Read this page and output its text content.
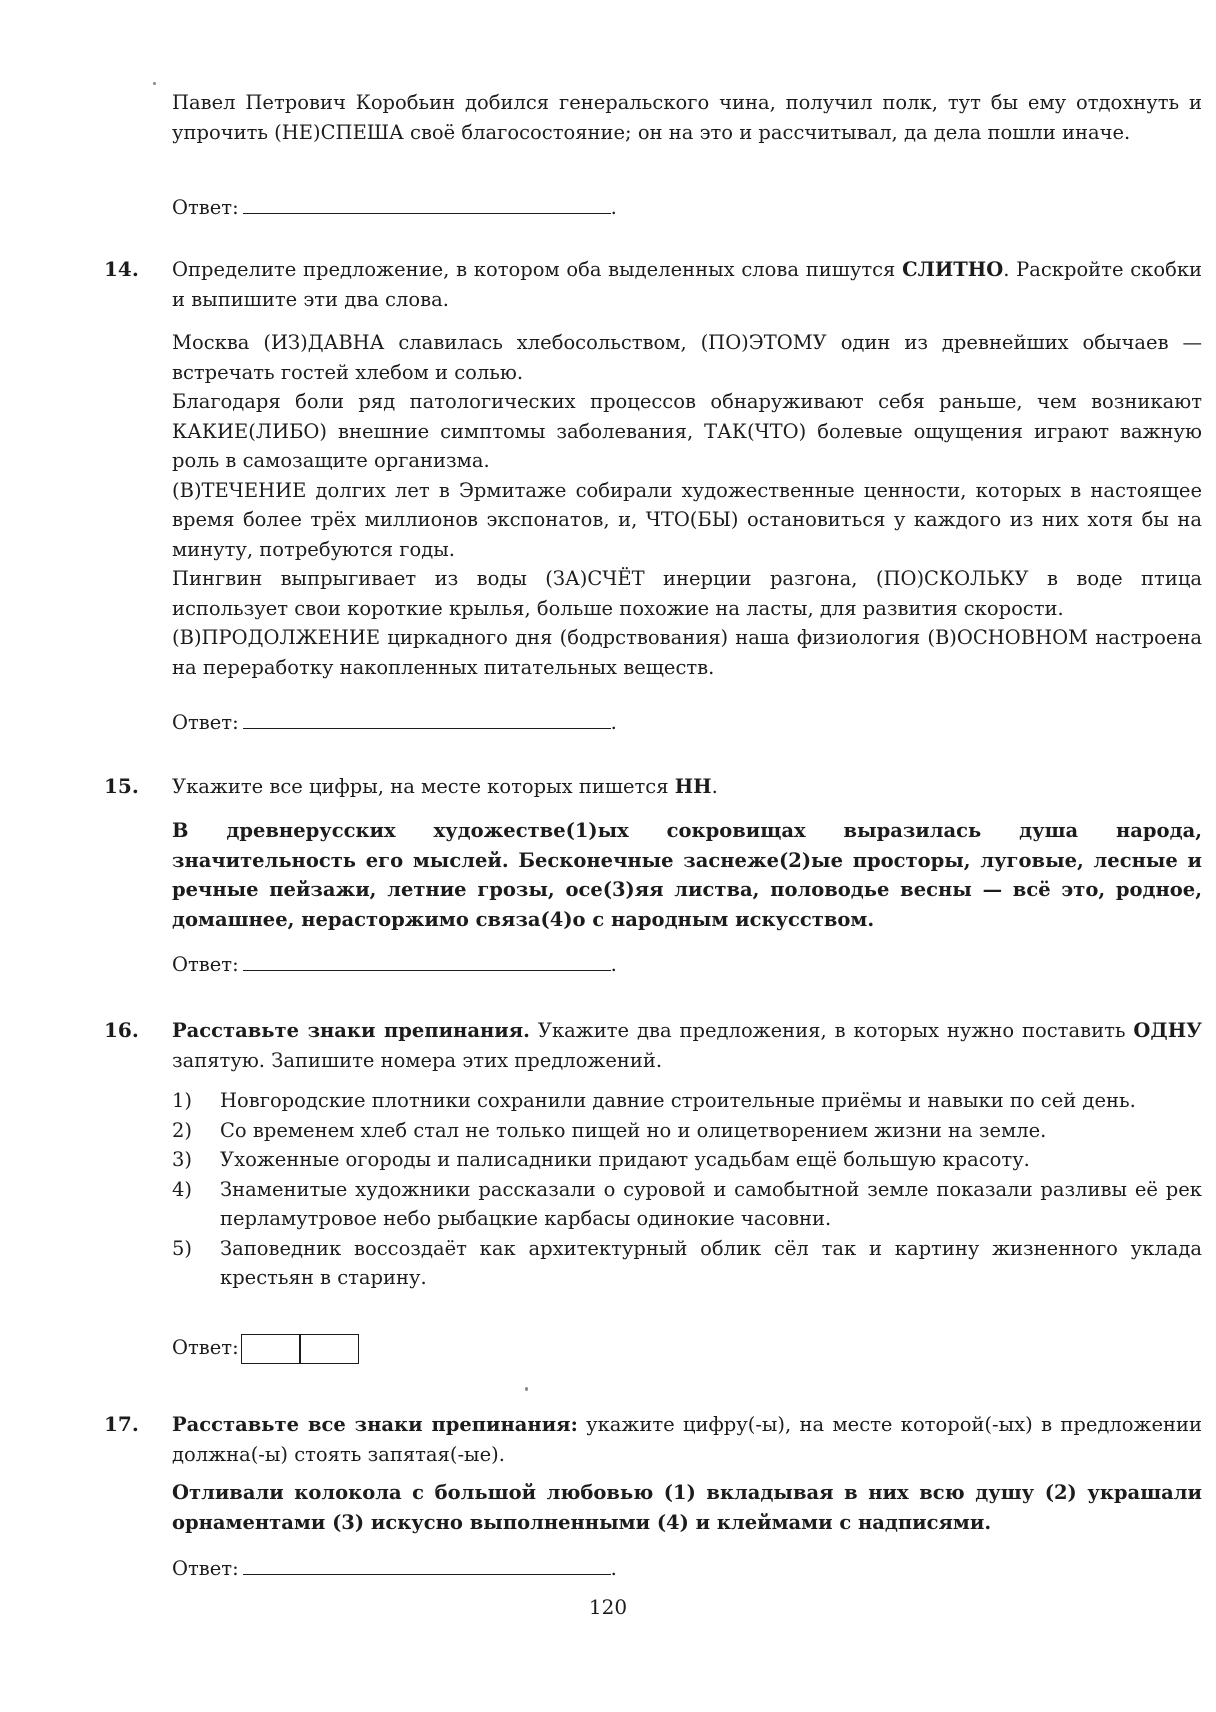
Павел Петрович Коробьин добился генеральского чина, получил полк, тут бы ему отдохнуть и упрочить (НЕ)СПЕША своё благосостояние; он на это и рассчитывал, да дела пошли иначе.

Ответ:	.
14.	Определите предложение, в котором оба выделенных слова пишутся СЛИТНО. Раскройте скобки и выпишите эти два слова.

Москва (ИЗ)ДАВНА славилась хлебосольством, (ПО)ЭТОМУ один из древнейших обычаев — встречать гостей хлебом и солью.

Благодаря боли ряд патологических процессов обнаруживают себя раньше, чем возникают КАКИЕ(ЛИБО) внешние симптомы заболевания, ТАК(ЧТО) болевые ощущения играют важную роль в самозащите организма.

(В)ТЕЧЕНИЕ долгих лет в Эрмитаже собирали художественные ценности, которых в настоящее время более трёх миллионов экспонатов, и, ЧТО(БЫ) остановиться у каждого из них хотя бы на минуту, потребуются годы.

Пингвин выпрыгивает из воды (ЗА)СЧЁТ инерции разгона, (ПО)СКОЛЬКУ в воде птица использует свои короткие крылья, больше похожие на ласты, для развития скорости.

(В)ПРОДОЛЖЕНИЕ циркадного дня (бодрствования) наша физиология (В)ОСНОВНОМ настроена на переработку накопленных питательных веществ.

Ответ:	.
15.	Укажите все цифры, на месте которых пишется НН.

В древнерусских художестве(1)ых сокровищах выразилась душа народа, значительность его мыслей. Бесконечные заснеже(2)ые просторы, луговые, лесные и речные пейзажи, летние грозы, осе(3)яя листва, половодье весны — всё это, родное, домашнее, нерасторжимо связа(4)о с народным искусством.

Ответ:	.
16.	Расставьте знаки препинания. Укажите два предложения, в которых нужно поставить ОДНУ запятую. Запишите номера этих предложений.

1) Новгородские плотники сохранили давние строительные приёмы и навыки по сей день.
2) Со временем хлеб стал не только пищей но и олицетворением жизни на земле.
3) Ухоженные огороды и палисадники придают усадьбам ещё большую красоту.
4) Знаменитые художники рассказали о суровой и самобытной земле показали разливы её рек перламутровое небо рыбацкие карбасы одинокие часовни.
5) Заповедник воссоздаёт как архитектурный облик сёл так и картину жизненного уклада крестьян в старину.
Ответ:
17.	Расставьте все знаки препинания: укажите цифру(-ы), на месте которой(-ых) в предложении должна(-ы) стоять запятая(-ые).

Отливали колокола с большой любовью (1) вкладывая в них всю душу (2) украшали орнаментами (3) искусно выполненными (4) и клеймами с надписями.

Ответ:	.
120
